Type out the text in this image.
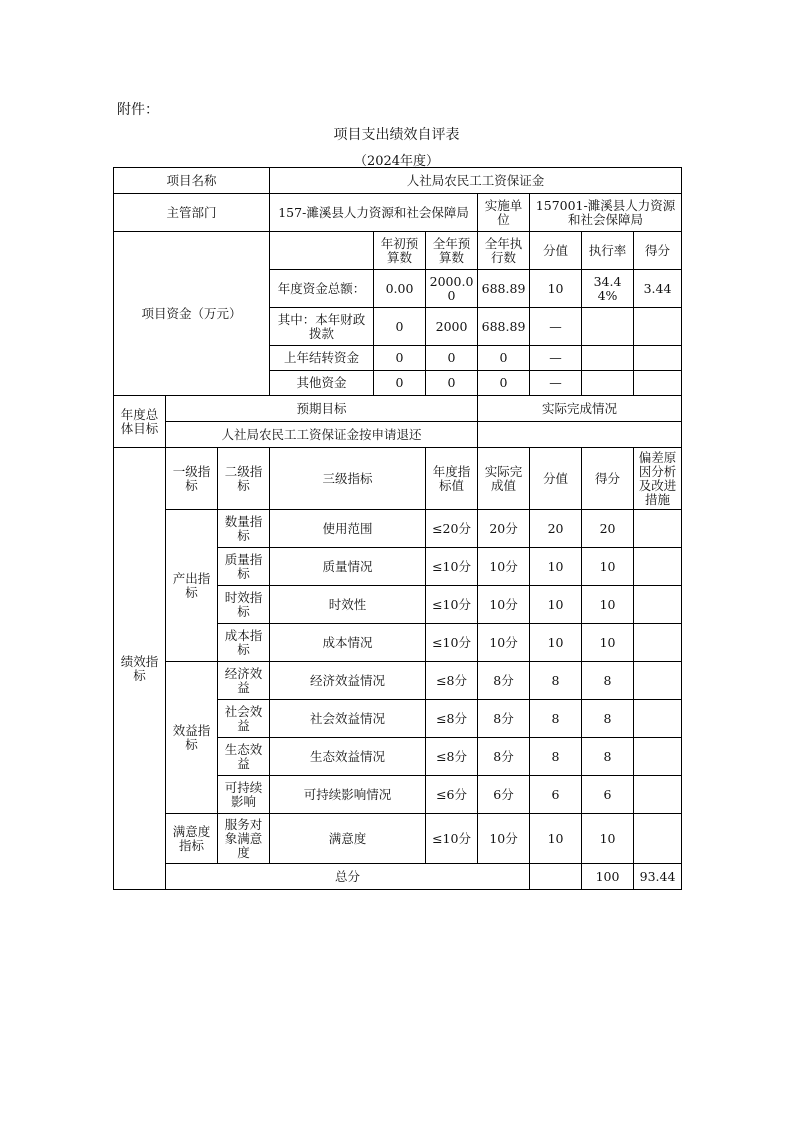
附件：
项目支出绩效自评表
（2024年度）
项目名称			人社局农民工工资保证金							
主管部门			157-濉溪县人力资源和社会保障局			实施单位	157001-濉溪县人力资源和社会保障局			
项目资金（万元）				年初预算数	全年预算数	全年执行数	分值	执行率	得分	
			年度资金总额：	0.00	2000.00	688.89	10	34.44%	3.44	
			其中：本年财政拨款	0	2000	688.89	—			
			上年结转资金	0	0	0	—			
			其他资金	0	0	0	—			
年度总体目标	预期目标					实际完成情况				
	人社局农民工工资保证金按申请退还									
绩效指标	一级指标	二级指标	三级指标		年度指标值	实际完成值	分值	得分	偏差原因分析及改进措施	
	产出指标	数量指标	使用范围		≤20分	20分	20	20		
		质量指标	质量情况		≤10分	10分	10	10		
		时效指标	时效性		≤10分	10分	10	10		
		成本指标	成本情况		≤10分	10分	10	10		
	效益指标	经济效益	经济效益情况		≤8分	8分	8	8		
		社会效益	社会效益情况		≤8分	8分	8	8		
		生态效益	生态效益情况		≤8分	8分	8	8		
		可持续影响	可持续影响情况		≤6分	6分	6	6		
	满意度指标	服务对象满意度	满意度		≤10分	10分	10	10		
	总分							100	93.44	
